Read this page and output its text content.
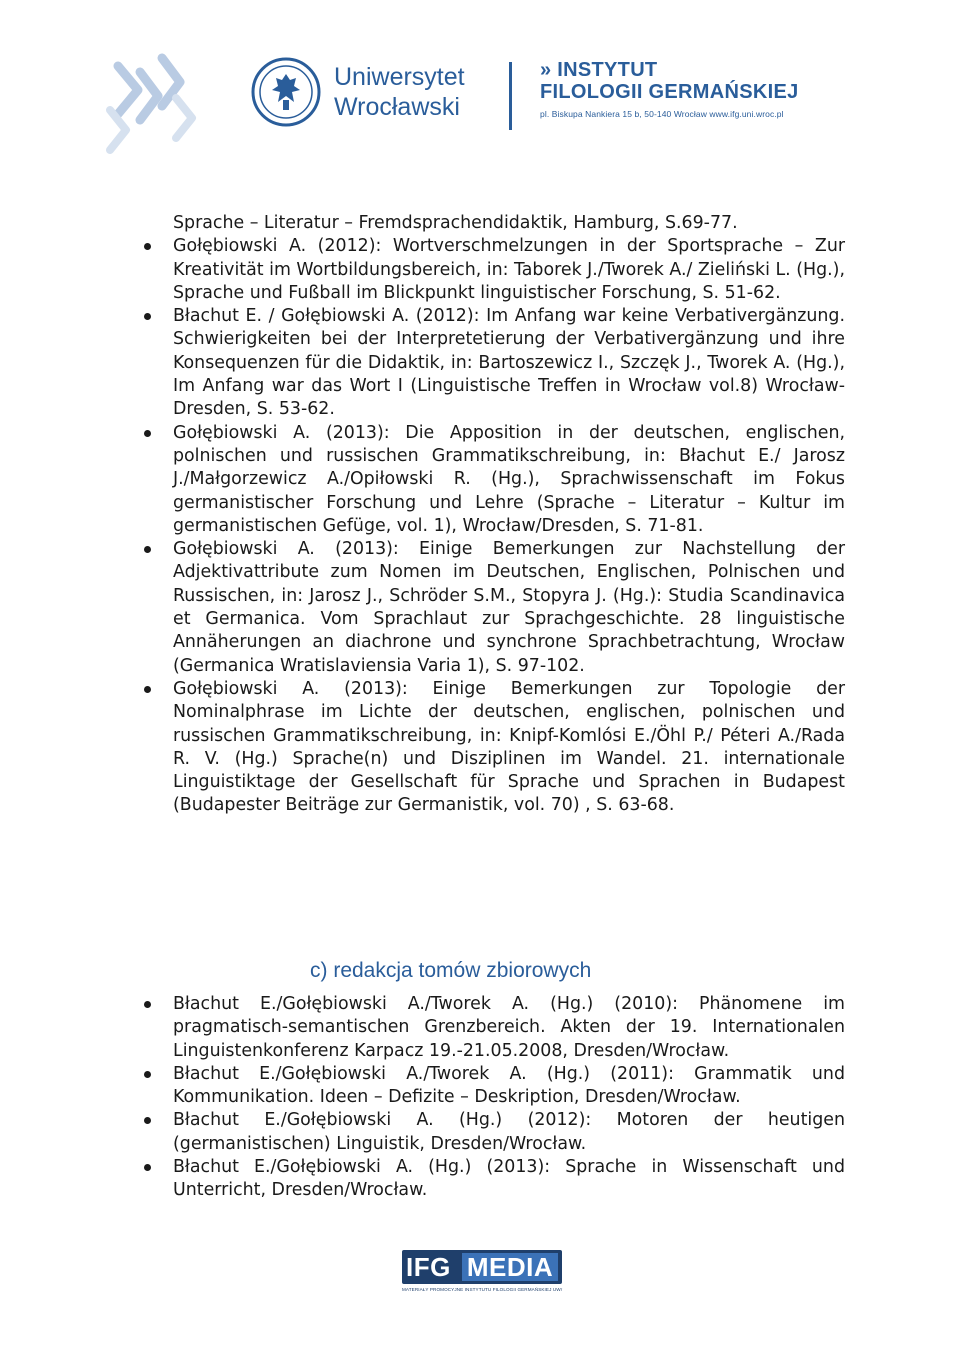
Uniwersytet
Wrocławski
» INSTYTUT
FILOLOGII GERMAŃSKIEJ
pl. Biskupa Nankiera 15 b, 50-140 Wrocław www.ifg.uni.wroc.pl

Sprache – Literatur – Fremdsprachendidaktik, Hamburg, S.69-77.

Gołębiowski A. (2012): Wortverschmelzungen in der Sportsprache – Zur Kreativität im Wortbildungsbereich, in: Taborek J./Tworek A./ Zieliński L. (Hg.), Sprache und Fußball im Blickpunkt linguistischer Forschung, S. 51-62.
Błachut E. / Gołębiowski A. (2012): Im Anfang war keine Verbativergänzung. Schwierigkeiten bei der Interpretetierung der Verbativergänzung und ihre Konsequenzen für die Didaktik, in: Bartoszewicz I., Szczęk J., Tworek A. (Hg.), Im Anfang war das Wort I (Linguistische Treffen in Wrocław vol.8) Wrocław-Dresden, S. 53-62.
Gołębiowski A. (2013): Die Apposition in der deutschen, englischen, polnischen und russischen Grammatikschreibung, in: Błachut E./ Jarosz J./Małgorzewicz A./Opiłowski R. (Hg.), Sprachwissenschaft im Fokus germanistischer Forschung und Lehre (Sprache – Literatur – Kultur im germanistischen Gefüge, vol. 1), Wrocław/Dresden, S. 71-81.
Gołębiowski A. (2013): Einige Bemerkungen zur Nachstellung der Adjektivattribute zum Nomen im Deutschen, Englischen, Polnischen und Russischen, in: Jarosz J., Schröder S.M., Stopyra J. (Hg.): Studia Scandinavica et Germanica. Vom Sprachlaut zur Sprachgeschichte. 28 linguistische Annäherungen an diachrone und synchrone Sprachbetrachtung, Wrocław (Germanica Wratislaviensia Varia 1), S. 97-102.
Gołębiowski A. (2013): Einige Bemerkungen zur Topologie der Nominalphrase im Lichte der deutschen, englischen, polnischen und russischen Grammatikschreibung, in: Knipf-Komlósi E./Öhl P./ Péteri A./Rada R. V. (Hg.) Sprache(n) und Disziplinen im Wandel. 21. internationale Linguistiktage der Gesellschaft für Sprache und Sprachen in Budapest (Budapester Beiträge zur Germanistik, vol. 70) , S. 63-68.
c) redakcja tomów zbiorowych
Błachut E./Gołębiowski A./Tworek A. (Hg.) (2010): Phänomene im pragmatisch-semantischen Grenzbereich. Akten der 19. Internationalen Linguistenkonferenz Karpacz 19.-21.05.2008, Dresden/Wrocław.
Błachut E./Gołębiowski A./Tworek A. (Hg.) (2011): Grammatik und Kommunikation. Ideen – Defizite – Deskription, Dresden/Wrocław.
Błachut E./Gołębiowski A. (Hg.) (2012): Motoren der heutigen (germanistischen) Linguistik, Dresden/Wrocław.
Błachut E./Gołębiowski A. (Hg.) (2013): Sprache in Wissenschaft und Unterricht, Dresden/Wrocław.
IFG MEDIA
MATERIAŁY PROMOCYJNE INSTYTUTU FILOLOGII GERMAŃSKIEJ UWr
